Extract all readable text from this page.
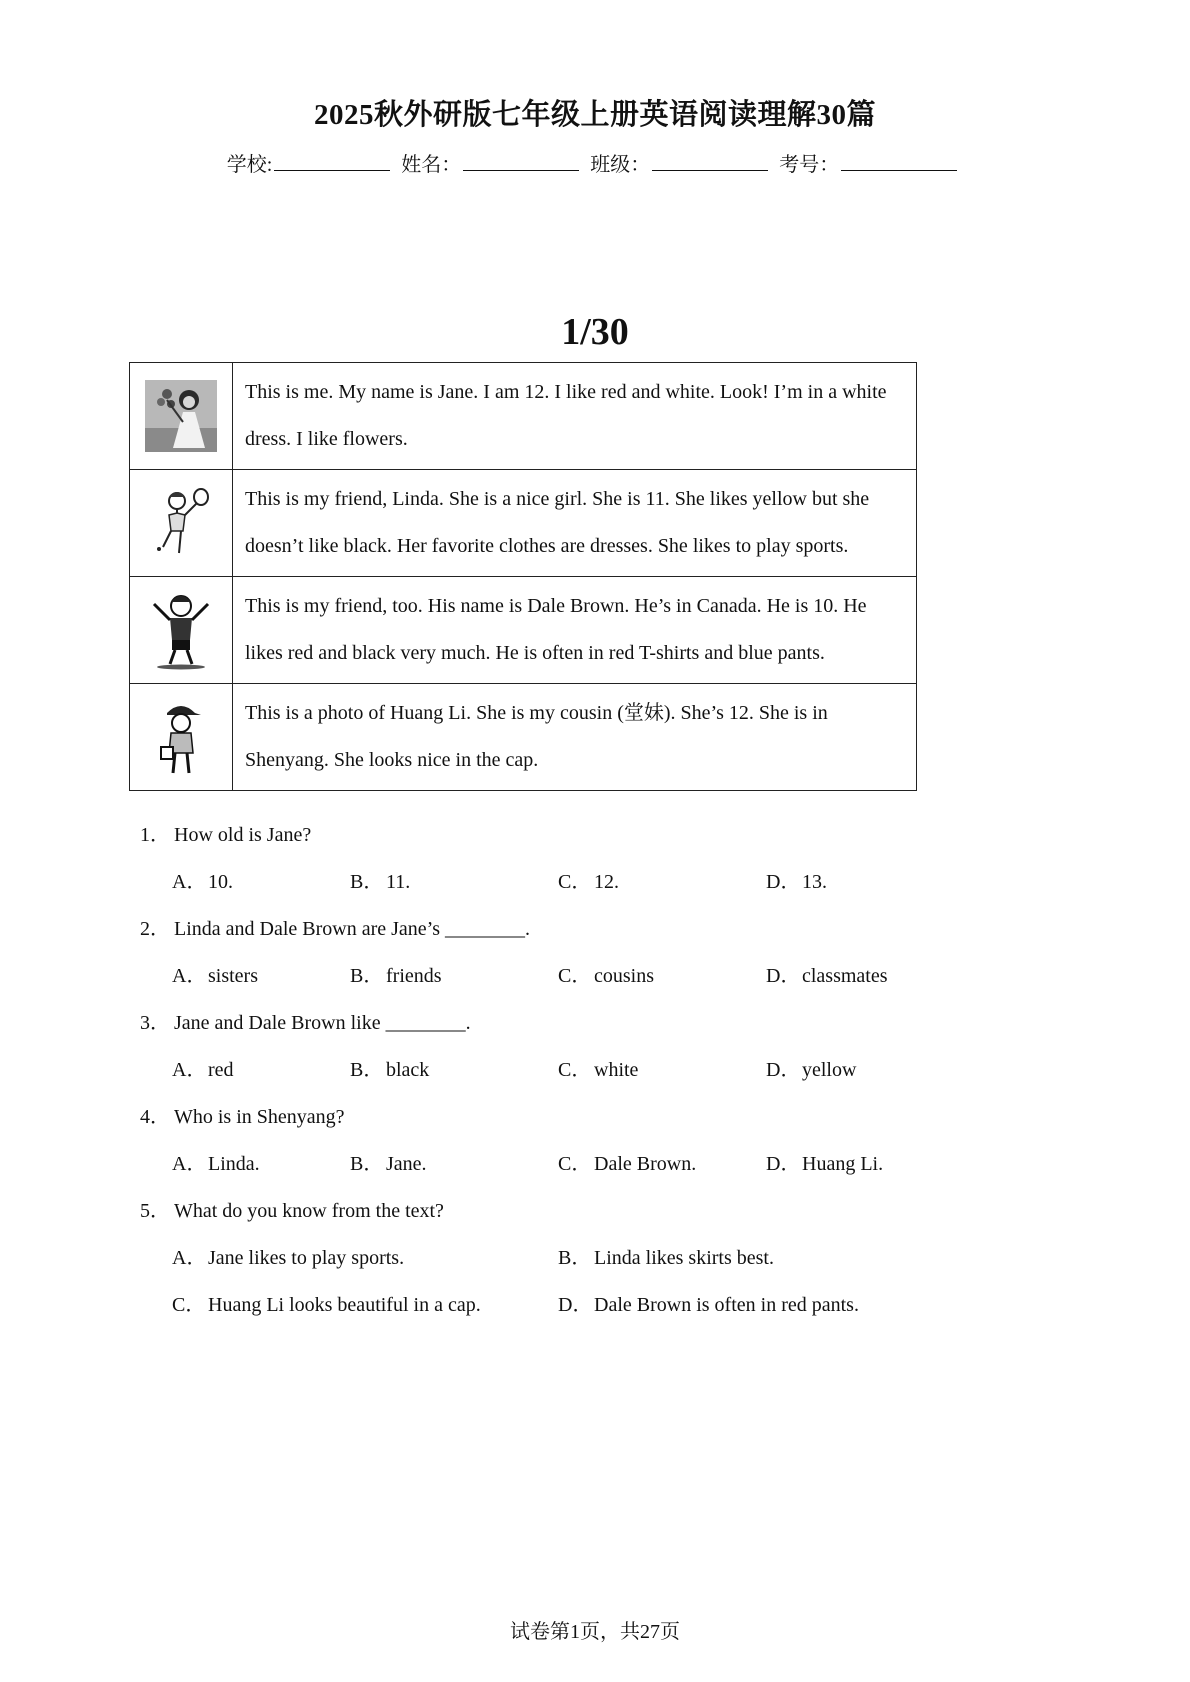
2025秋外研版七年级上册英语阅读理解30篇
学校:	姓名：	班级：	考号：
1/30
	This is me. My name is Jane. I am 12. I like red and white. Look! I’m in a white dress. I like flowers.
	This is my friend, Linda. She is a nice girl. She is 11. She likes yellow but she doesn’t like black. Her favorite clothes are dresses. She likes to play sports.
	This is my friend, too. His name is Dale Brown. He’s in Canada. He is 10. He likes red and black very much. He is often in red T-shirts and blue pants.
	This is a photo of Huang Li. She is my cousin (堂妹). She’s 12. She is in Shenyang. She looks nice in the cap.
1． How old is Jane?
A．10.	B． 11.	C． 12.	D．13.
2． Linda and Dale Brown are Jane’s ________.
A．sisters	B． friends	C． cousins	D．classmates
3． Jane and Dale Brown like ________.
A．red	B． black	C． white	D．yellow
4． Who is in Shenyang?
A．Linda.	B． Jane.	C． Dale Brown.	D．Huang Li.
5． What do you know from the text?
A．Jane likes to play sports.	B． Linda likes skirts best.
C． Huang Li looks beautiful in a cap.	D．Dale Brown is often in red pants.
试卷第1页，共27页
